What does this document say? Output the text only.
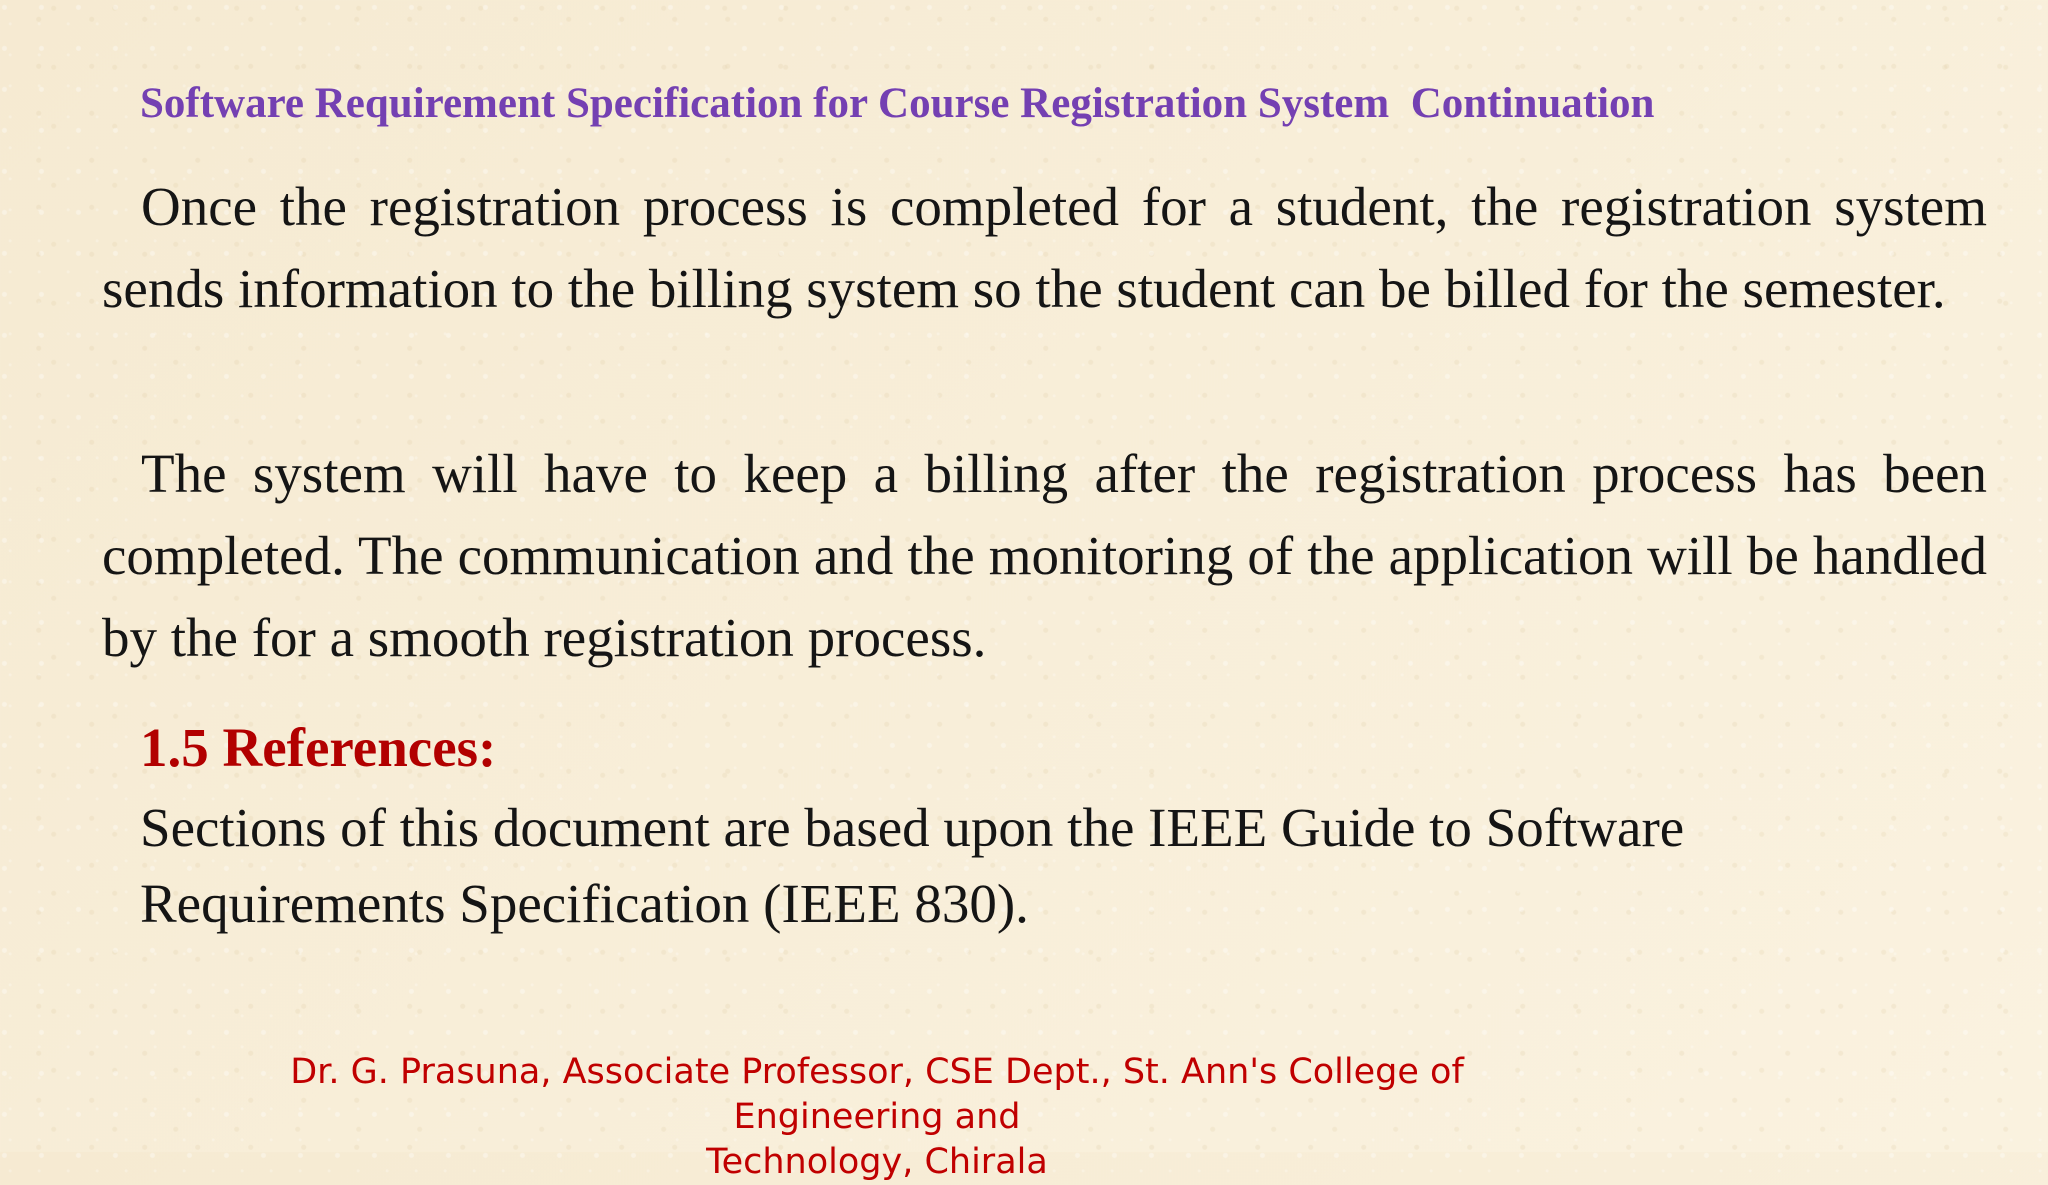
Software Requirement Specification for Course Registration System  Continuation

Once the registration process is completed for a student, the registration system sends information to the billing system so the student can be billed for the semester.

The system will have to keep a billing after the registration process has been completed. The communication and the monitoring of the application will be handled by the for a smooth registration process.

1.5 References:

Sections of this document are based upon the IEEE Guide to Software Requirements Specification (IEEE 830).

Dr. G. Prasuna, Associate Professor, CSE Dept., St. Ann's College of Engineering and
Technology, Chirala
